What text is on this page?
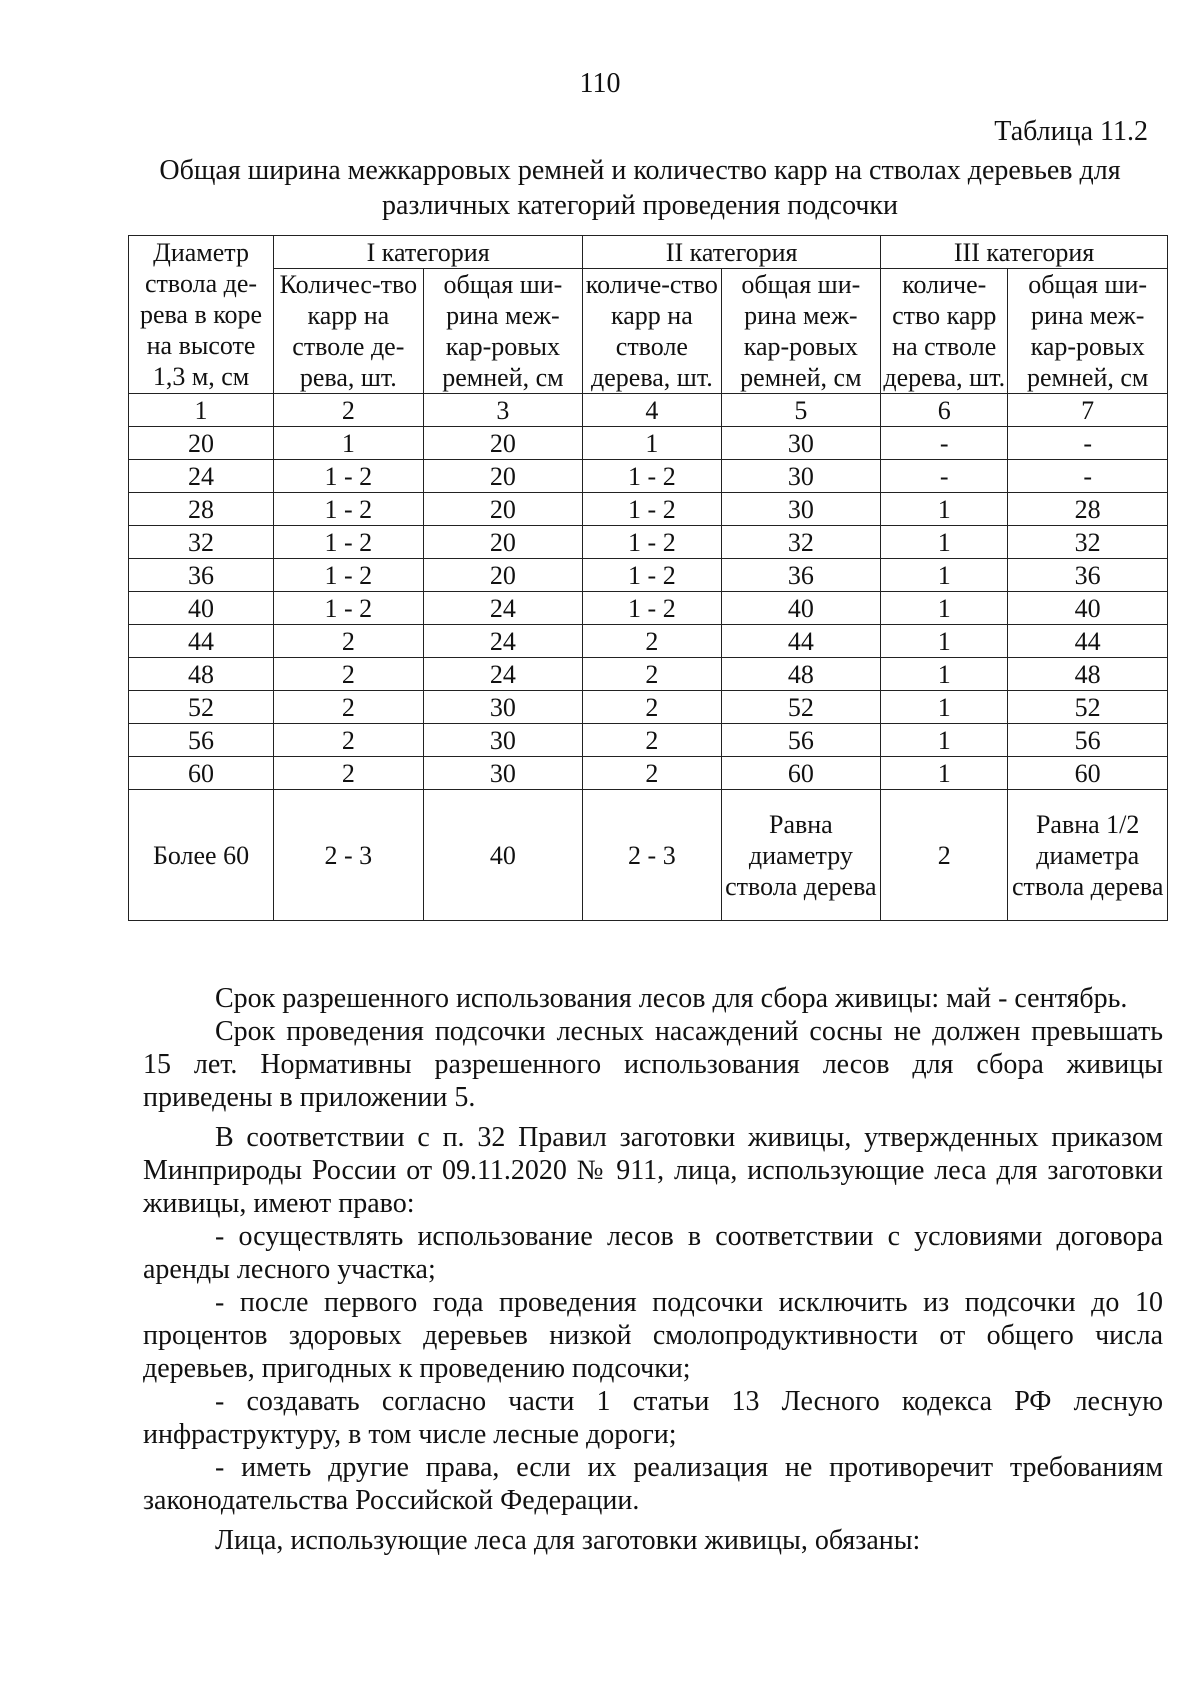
110
Таблица 11.2
Общая ширина межкарровых ремней и количество карр на стволах деревьев для различных категорий проведения подсочки
Диаметр ствола де-рева в коре на высоте 1,3 м, см	I категория		II категория		III категория	
	Количес-тво карр на стволе де-рева, шт.	общая ши-рина меж-кар-ровых ремней, см	количе-ство карр на стволе дерева, шт.	общая ши-рина меж-кар-ровых ремней, см	количе-ство карр на стволе дерева, шт.	общая ши-рина меж-кар-ровых ремней, см
1	2	3	4	5	6	7
20	1	20	1	30	-	-
24	1 - 2	20	1 - 2	30	-	-
28	1 - 2	20	1 - 2	30	1	28
32	1 - 2	20	1 - 2	32	1	32
36	1 - 2	20	1 - 2	36	1	36
40	1 - 2	24	1 - 2	40	1	40
44	2	24	2	44	1	44
48	2	24	2	48	1	48
52	2	30	2	52	1	52
56	2	30	2	56	1	56
60	2	30	2	60	1	60
Более 60	2 - 3	40	2 - 3	Равна диаметру ствола дерева	2	Равна 1/2 диаметра ствола дерева

Срок разрешенного использования лесов для сбора живицы: май - сентябрь.

Срок проведения подсочки лесных насаждений сосны не должен превышать 15 лет. Нормативны разрешенного использования лесов для сбора живицы приведены в приложении 5.

В соответствии с п. 32 Правил заготовки живицы, утвержденных приказом Минприроды России от 09.11.2020 № 911, лица, использующие леса для заготовки живицы, имеют право:

- осуществлять использование лесов в соответствии с условиями договора аренды лесного участка;

- после первого года проведения подсочки исключить из подсочки до 10 процентов здоровых деревьев низкой смолопродуктивности от общего числа деревьев, пригодных к проведению подсочки;

- создавать согласно части 1 статьи 13 Лесного кодекса РФ лесную инфраструктуру, в том числе лесные дороги;

- иметь другие права, если их реализация не противоречит требованиям законодательства Российской Федерации.

Лица, использующие леса для заготовки живицы, обязаны:
